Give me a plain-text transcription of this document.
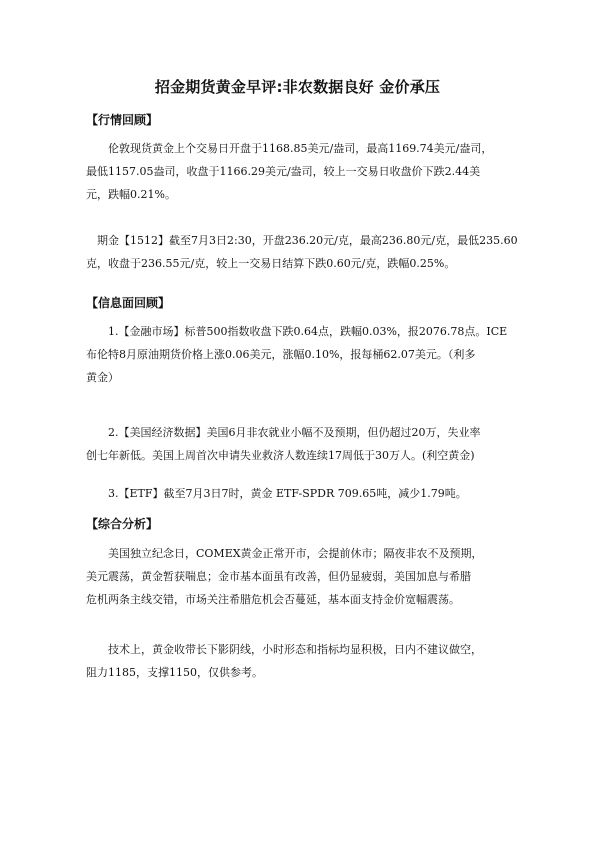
招金期货黄金早评:非农数据良好 金价承压
【行情回顾】

　　伦敦现货黄金上个交易日开盘于1168.85美元/盎司，最高1169.74美元/盎司，
最低1157.05盎司，收盘于1166.29美元/盎司，较上一交易日收盘价下跌2.44美
元，跌幅0.21%。

　期金【1512】截至7月3日2:30，开盘236.20元/克，最高236.80元/克，最低235.60
克，收盘于236.55元/克，较上一交易日结算下跌0.60元/克，跌幅0.25%。

【信息面回顾】

　　1.【金融市场】标普500指数收盘下跌0.64点，跌幅0.03%，报2076.78点。ICE
布伦特8月原油期货价格上涨0.06美元，涨幅0.10%，报每桶62.07美元。（利多
黄金）

　　2.【美国经济数据】美国6月非农就业小幅不及预期，但仍超过20万，失业率
创七年新低。美国上周首次申请失业救济人数连续17周低于30万人。(利空黄金)

　　3.【ETF】截至7月3日7时，黄金 ETF-SPDR 709.65吨，减少1.79吨。

【综合分析】

　　美国独立纪念日，COMEX黄金正常开市，会提前休市；隔夜非农不及预期，
美元震荡，黄金暂获喘息；金市基本面虽有改善，但仍显疲弱，美国加息与希腊
危机两条主线交错，市场关注希腊危机会否蔓延，基本面支持金价宽幅震荡。

　　技术上，黄金收带长下影阴线，小时形态和指标均显积极，日内不建议做空，
阻力1185，支撑1150，仅供参考。
